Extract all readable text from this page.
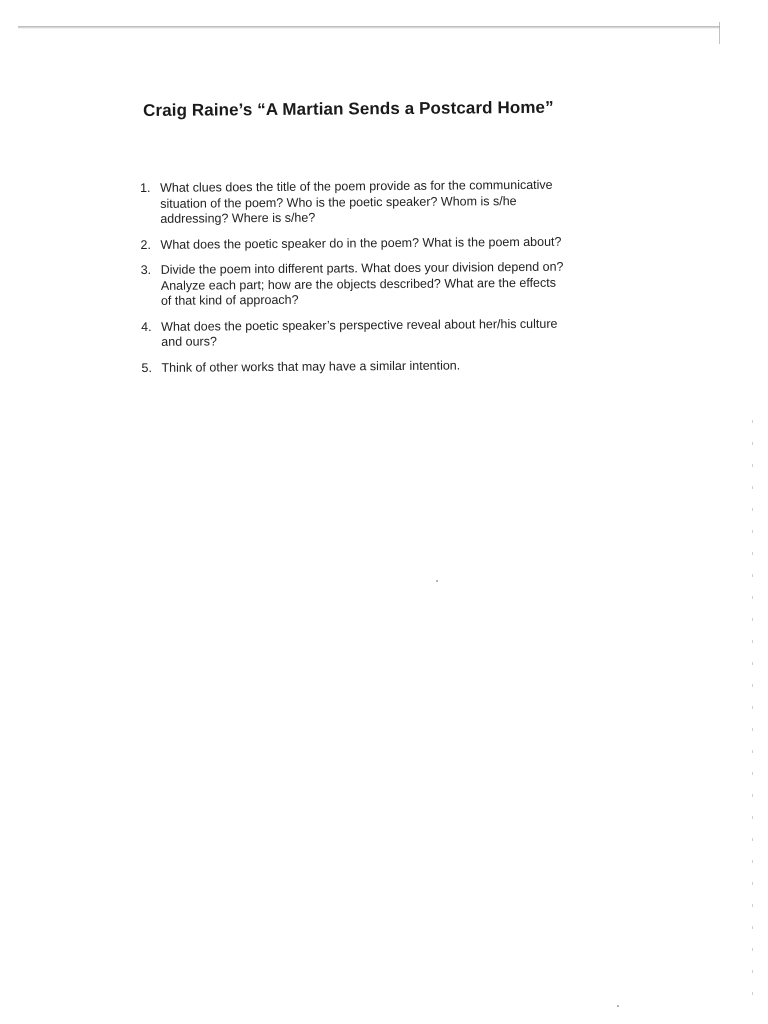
Craig Raine’s “A Martian Sends a Postcard Home”
1. What clues does the title of the poem provide as for the communicative
situation of the poem? Who is the poetic speaker? Whom is s/he
addressing? Where is s/he?
2. What does the poetic speaker do in the poem? What is the poem about?
3. Divide the poem into different parts. What does your division depend on?
Analyze each part; how are the objects described? What are the effects
of that kind of approach?
4. What does the poetic speaker’s perspective reveal about her/his culture
and ours?
5. Think of other works that may have a similar intention.
